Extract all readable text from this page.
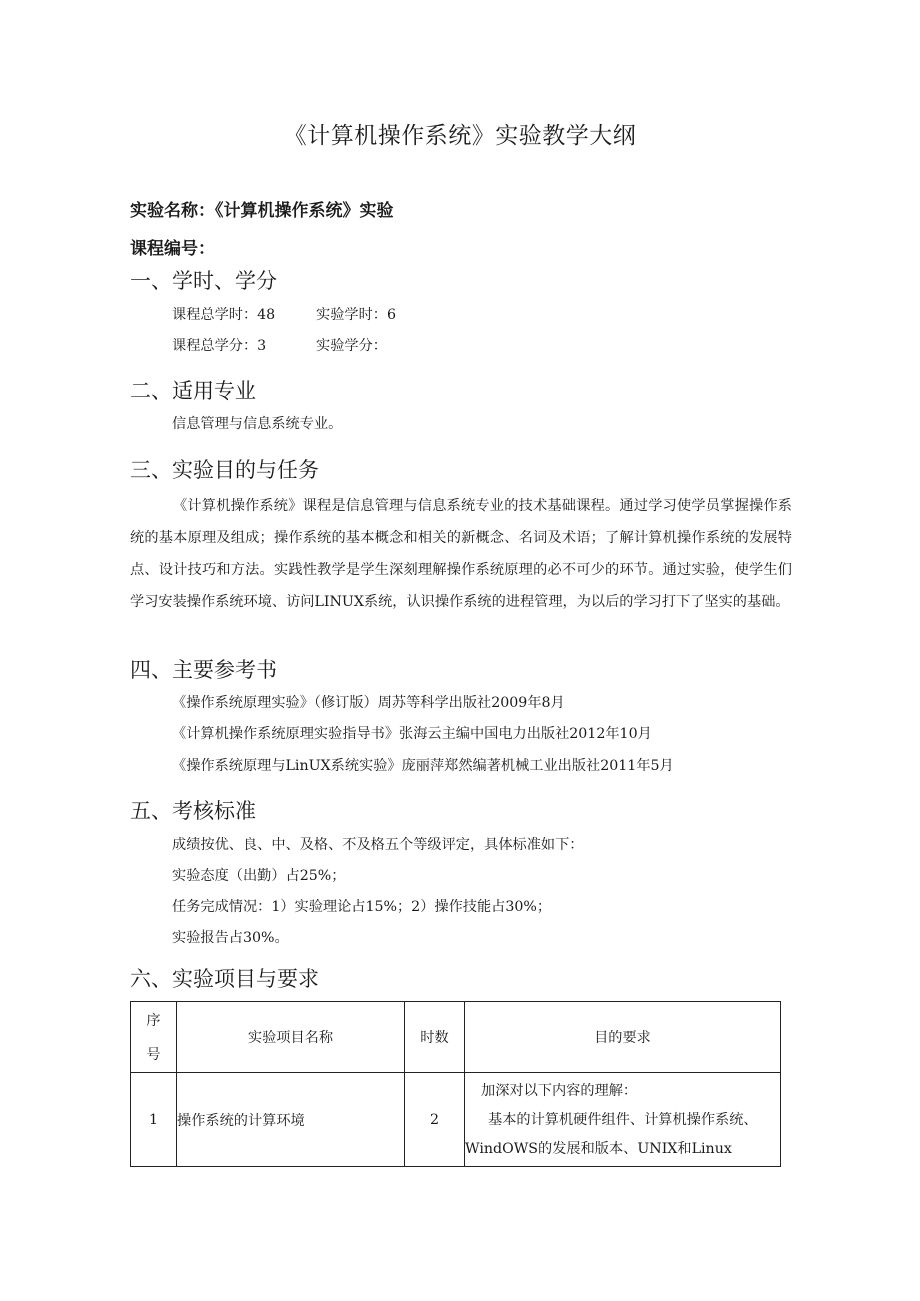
《计算机操作系统》实验教学大纲
实验名称：《计算机操作系统》实验
课程编号：
一、学时、学分
课程总学时：48	实验学时：6
课程总学分：3	实验学分：
二、适用专业
信息管理与信息系统专业。
三、实验目的与任务
《计算机操作系统》课程是信息管理与信息系统专业的技术基础课程。通过学习使学员掌握操作系统的基本原理及组成；操作系统的基本概念和相关的新概念、名词及术语；了解计算机操作系统的发展特点、设计技巧和方法。实践性教学是学生深刻理解操作系统原理的必不可少的环节。通过实验，使学生们学习安装操作系统环境、访问LINUX系统，认识操作系统的进程管理，为以后的学习打下了坚实的基础。
四、主要参考书
《操作系统原理实验》（修订版）周苏等科学出版社2009年8月
《计算机操作系统原理实验指导书》张海云主编中国电力出版社2012年10月
《操作系统原理与LinUX系统实验》庞丽萍郑然编著机械工业出版社2011年5月
五、考核标准
成绩按优、良、中、及格、不及格五个等级评定，具体标准如下：
实验态度（出勤）占25%；
任务完成情况：1）实验理论占15%；2）操作技能占30%；
实验报告占30%。
六、实验项目与要求
序
号	实验项目名称	时数	目的要求
1	操作系统的计算环境	2	加深对以下内容的理解：
基本的计算机硬件组件、计算机操作系统、
WindOWS的发展和版本、UNIX和Linux
